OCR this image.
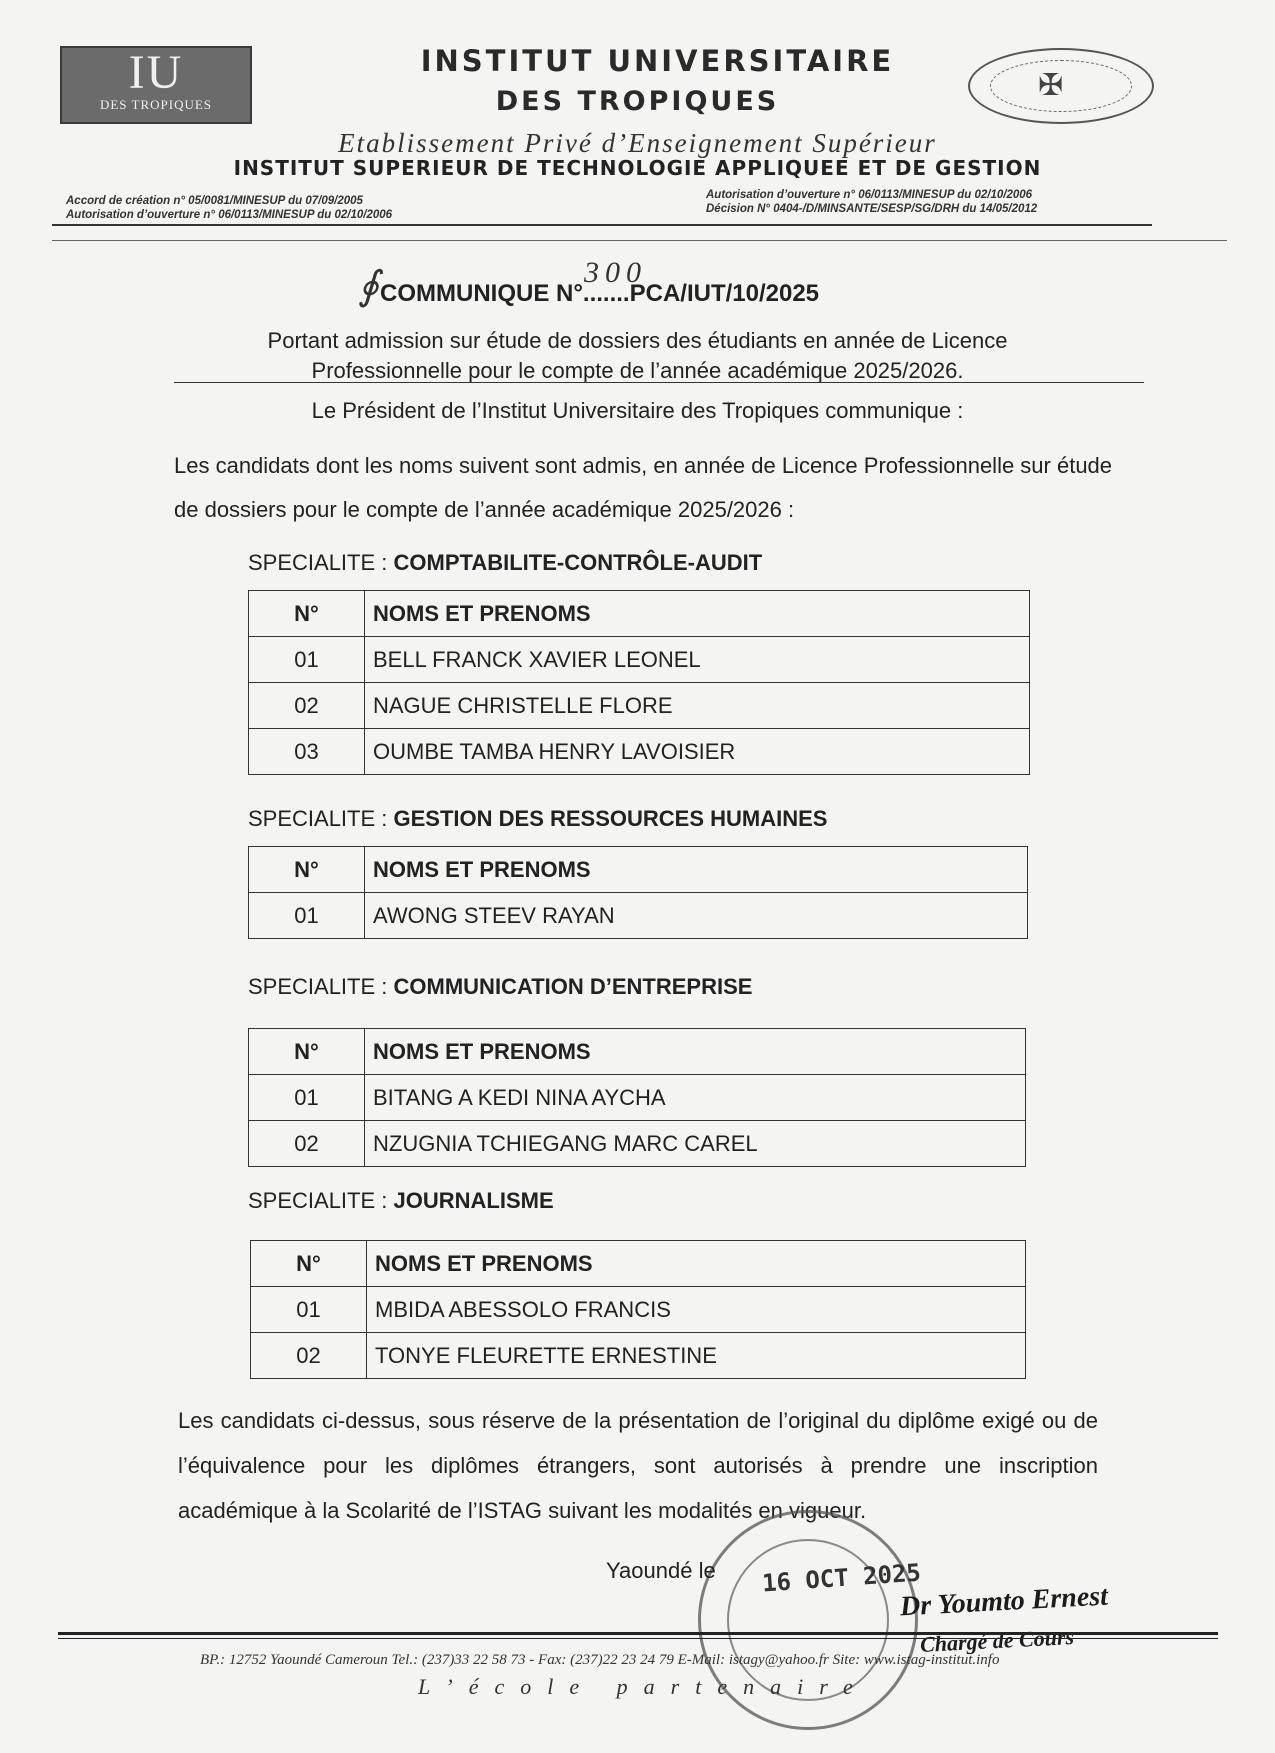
IU
DES TROPIQUES
INSTITUT UNIVERSITAIRE
DES TROPIQUES	✠
Etablissement Privé d’Enseignement Supérieur
INSTITUT SUPERIEUR DE TECHNOLOGIE APPLIQUEE ET DE GESTION
Accord de création n° 05/0081/MINESUP du 07/09/2005
Autorisation d’ouverture n° 06/0113/MINESUP du 02/10/2006
Autorisation d’ouverture n° 06/0113/MINESUP du 02/10/2006
Décision N° 0404-/D/MINSANTE/SESP/SG/DRH du 14/05/2012
∮	300
COMMUNIQUE N°.......PCA/IUT/10/2025
Portant admission sur étude de dossiers des étudiants en année de Licence
Professionnelle pour le compte de l’année académique 2025/2026.
Le Président de l’Institut Universitaire des Tropiques communique :
Les candidats dont les noms suivent sont admis, en année de Licence Professionnelle sur étude de dossiers pour le compte de l’année académique 2025/2026 :
SPECIALITE : COMPTABILITE-CONTRÔLE-AUDIT
N°	NOMS ET PRENOMS
01	BELL FRANCK XAVIER LEONEL
02	NAGUE CHRISTELLE FLORE
03	OUMBE TAMBA HENRY LAVOISIER
SPECIALITE : GESTION DES RESSOURCES HUMAINES
N°	NOMS ET PRENOMS
01	AWONG STEEV RAYAN
SPECIALITE : COMMUNICATION D’ENTREPRISE
N°	NOMS ET PRENOMS
01	BITANG A KEDI NINA AYCHA
02	NZUGNIA TCHIEGANG MARC CAREL
SPECIALITE : JOURNALISME
N°	NOMS ET PRENOMS
01	MBIDA ABESSOLO FRANCIS
02	TONYE FLEURETTE ERNESTINE
Les candidats ci-dessus, sous réserve de la présentation de l’original du diplôme exigé ou de l’équivalence pour les diplômes étrangers, sont autorisés à prendre une inscription académique à la Scolarité de l’ISTAG suivant les modalités en vigueur.
Yaoundé le 16 OCT 2025
Dr Youmto Ernest
Chargé de Cours
BP.: 12752 Yaoundé Cameroun Tel.: (237)33 22 58 73 - Fax: (237)22 23 24 79 E-Mail: istagy@yahoo.fr Site: www.istag-institut.info
L’école partenaire
